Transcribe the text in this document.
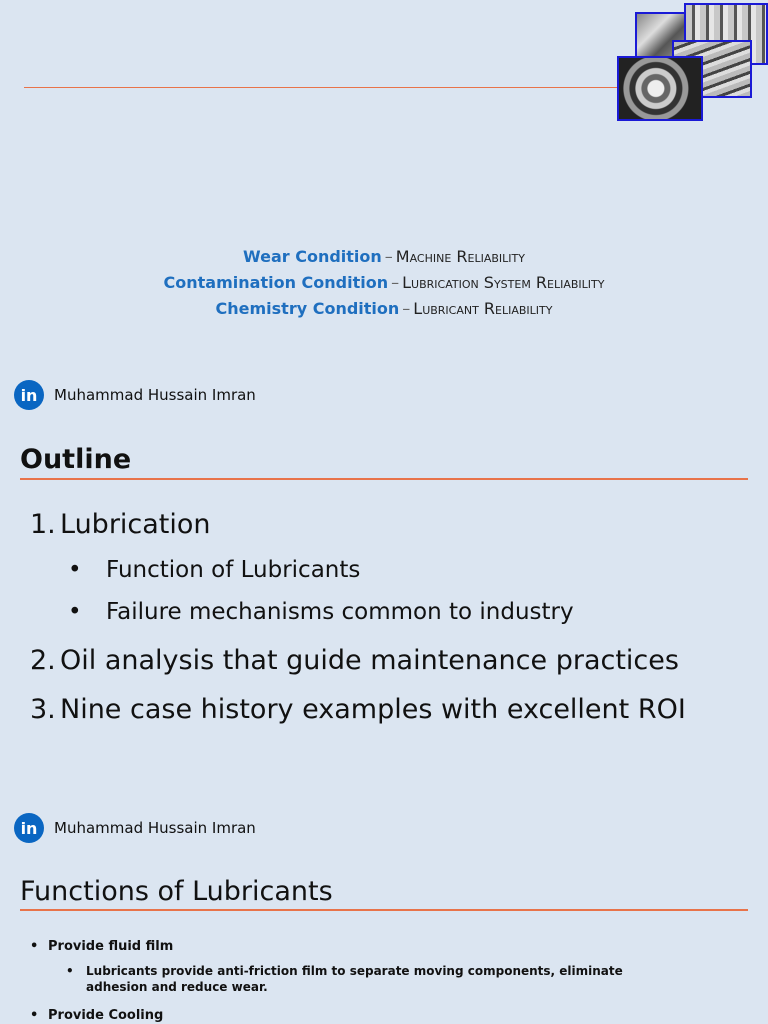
Wear Condition – Machine Reliability
Contamination Condition – Lubrication System Reliability
Chemistry Condition – Lubricant Reliability
in	Muhammad Hussain Imran
Outline
1. Lubrication
•	Function of Lubricants
•	Failure mechanisms common to industry
2. Oil analysis that guide maintenance practices
3. Nine case history examples with excellent ROI
in	Muhammad Hussain Imran
Functions of Lubricants
• Provide fluid film
•	Lubricants provide anti-friction film to separate moving components, eliminate adhesion and reduce wear.
• Provide Cooling
